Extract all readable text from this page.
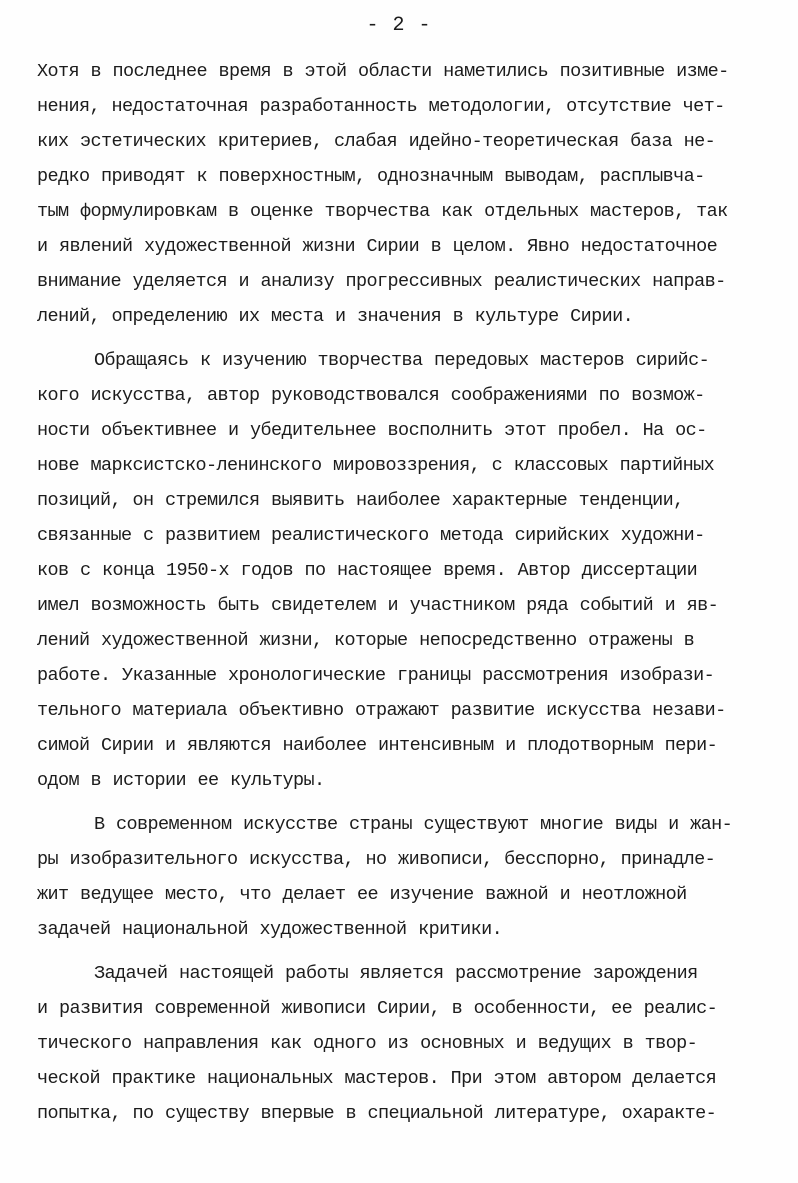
- 2 -
Хотя в последнее время в этой области наметились позитивные изме-
нения, недостаточная разработанность методологии, отсутствие чет-
ких эстетических критериев, слабая идейно-теоретическая база не-
редко приводят к поверхностным, однозначным выводам, расплывча-
тым формулировкам в оценке творчества как отдельных мастеров, так
и явлений художественной жизни Сирии в целом. Явно недостаточное
внимание уделяется и анализу прогрессивных реалистических направ-
лений, определению их места и значения в культуре Сирии.
Обращаясь к изучению творчества передовых мастеров сирийс-
кого искусства, автор руководствовался соображениями по возмож-
ности объективнее и убедительнее восполнить этот пробел. На ос-
нове марксистско-ленинского мировоззрения, с классовых партийных
позиций, он стремился выявить наиболее характерные тенденции,
связанные с развитием реалистического метода сирийских художни-
ков с конца 1950-х годов по настоящее время. Автор диссертации
имел возможность быть свидетелем и участником ряда событий и яв-
лений художественной жизни, которые непосредственно отражены в
работе. Указанные хронологические границы рассмотрения изобрази-
тельного материала объективно отражают развитие искусства незави-
симой Сирии и являются наиболее интенсивным и плодотворным пери-
одом в истории ее культуры.
В современном искусстве страны существуют многие виды и жан-
ры изобразительного искусства, но живописи, бесспорно, принадле-
жит ведущее место, что делает ее изучение важной и неотложной
задачей национальной художественной критики.
Задачей настоящей работы является рассмотрение зарождения
и развития современной живописи Сирии, в особенности, ее реалис-
тического направления как одного из основных и ведущих в твор-
ческой практике национальных мастеров. При этом автором делается
попытка, по существу впервые в специальной литературе, охаракте-
